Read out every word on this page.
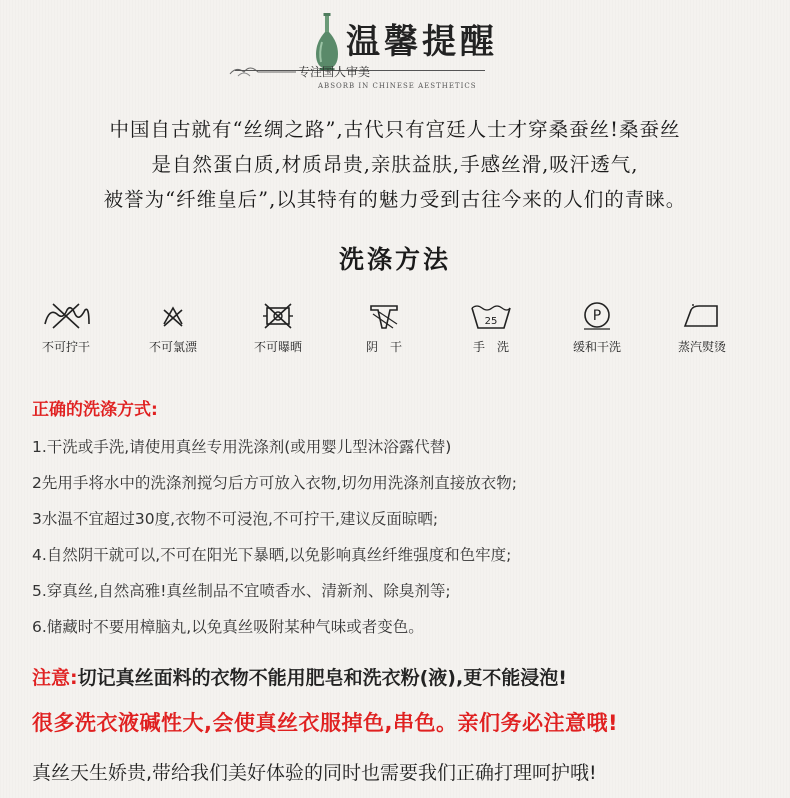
温馨提醒
专注国人审美
ABSORB IN CHINESE AESTHETICS
中国自古就有“丝绸之路”,古代只有宫廷人士才穿桑蚕丝!桑蚕丝
是自然蛋白质,材质昂贵,亲肤益肤,手感丝滑,吸汗透气,
被誉为“纤维皇后”,以其特有的魅力受到古往今来的人们的青睐。
洗涤方法
不可拧干	不可氯漂	不可曝晒	阴　干
25
手　洗
P
缓和干洗	蒸汽熨烫
正确的洗涤方式:
1.干洗或手洗,请使用真丝专用洗涤剂(或用婴儿型沐浴露代替)
2先用手将水中的洗涤剂搅匀后方可放入衣物,切勿用洗涤剂直接放衣物;
3水温不宜超过30度,衣物不可浸泡,不可拧干,建议反面晾晒;
4.自然阴干就可以,不可在阳光下暴晒,以免影响真丝纤维强度和色牢度;
5.穿真丝,自然高雅!真丝制品不宜喷香水、清新剂、除臭剂等;
6.储藏时不要用樟脑丸,以免真丝吸附某种气味或者变色。
注意:切记真丝面料的衣物不能用肥皂和洗衣粉(液),更不能浸泡!
很多洗衣液碱性大,会使真丝衣服掉色,串色。亲们务必注意哦!
真丝天生娇贵,带给我们美好体验的同时也需要我们正确打理呵护哦!
